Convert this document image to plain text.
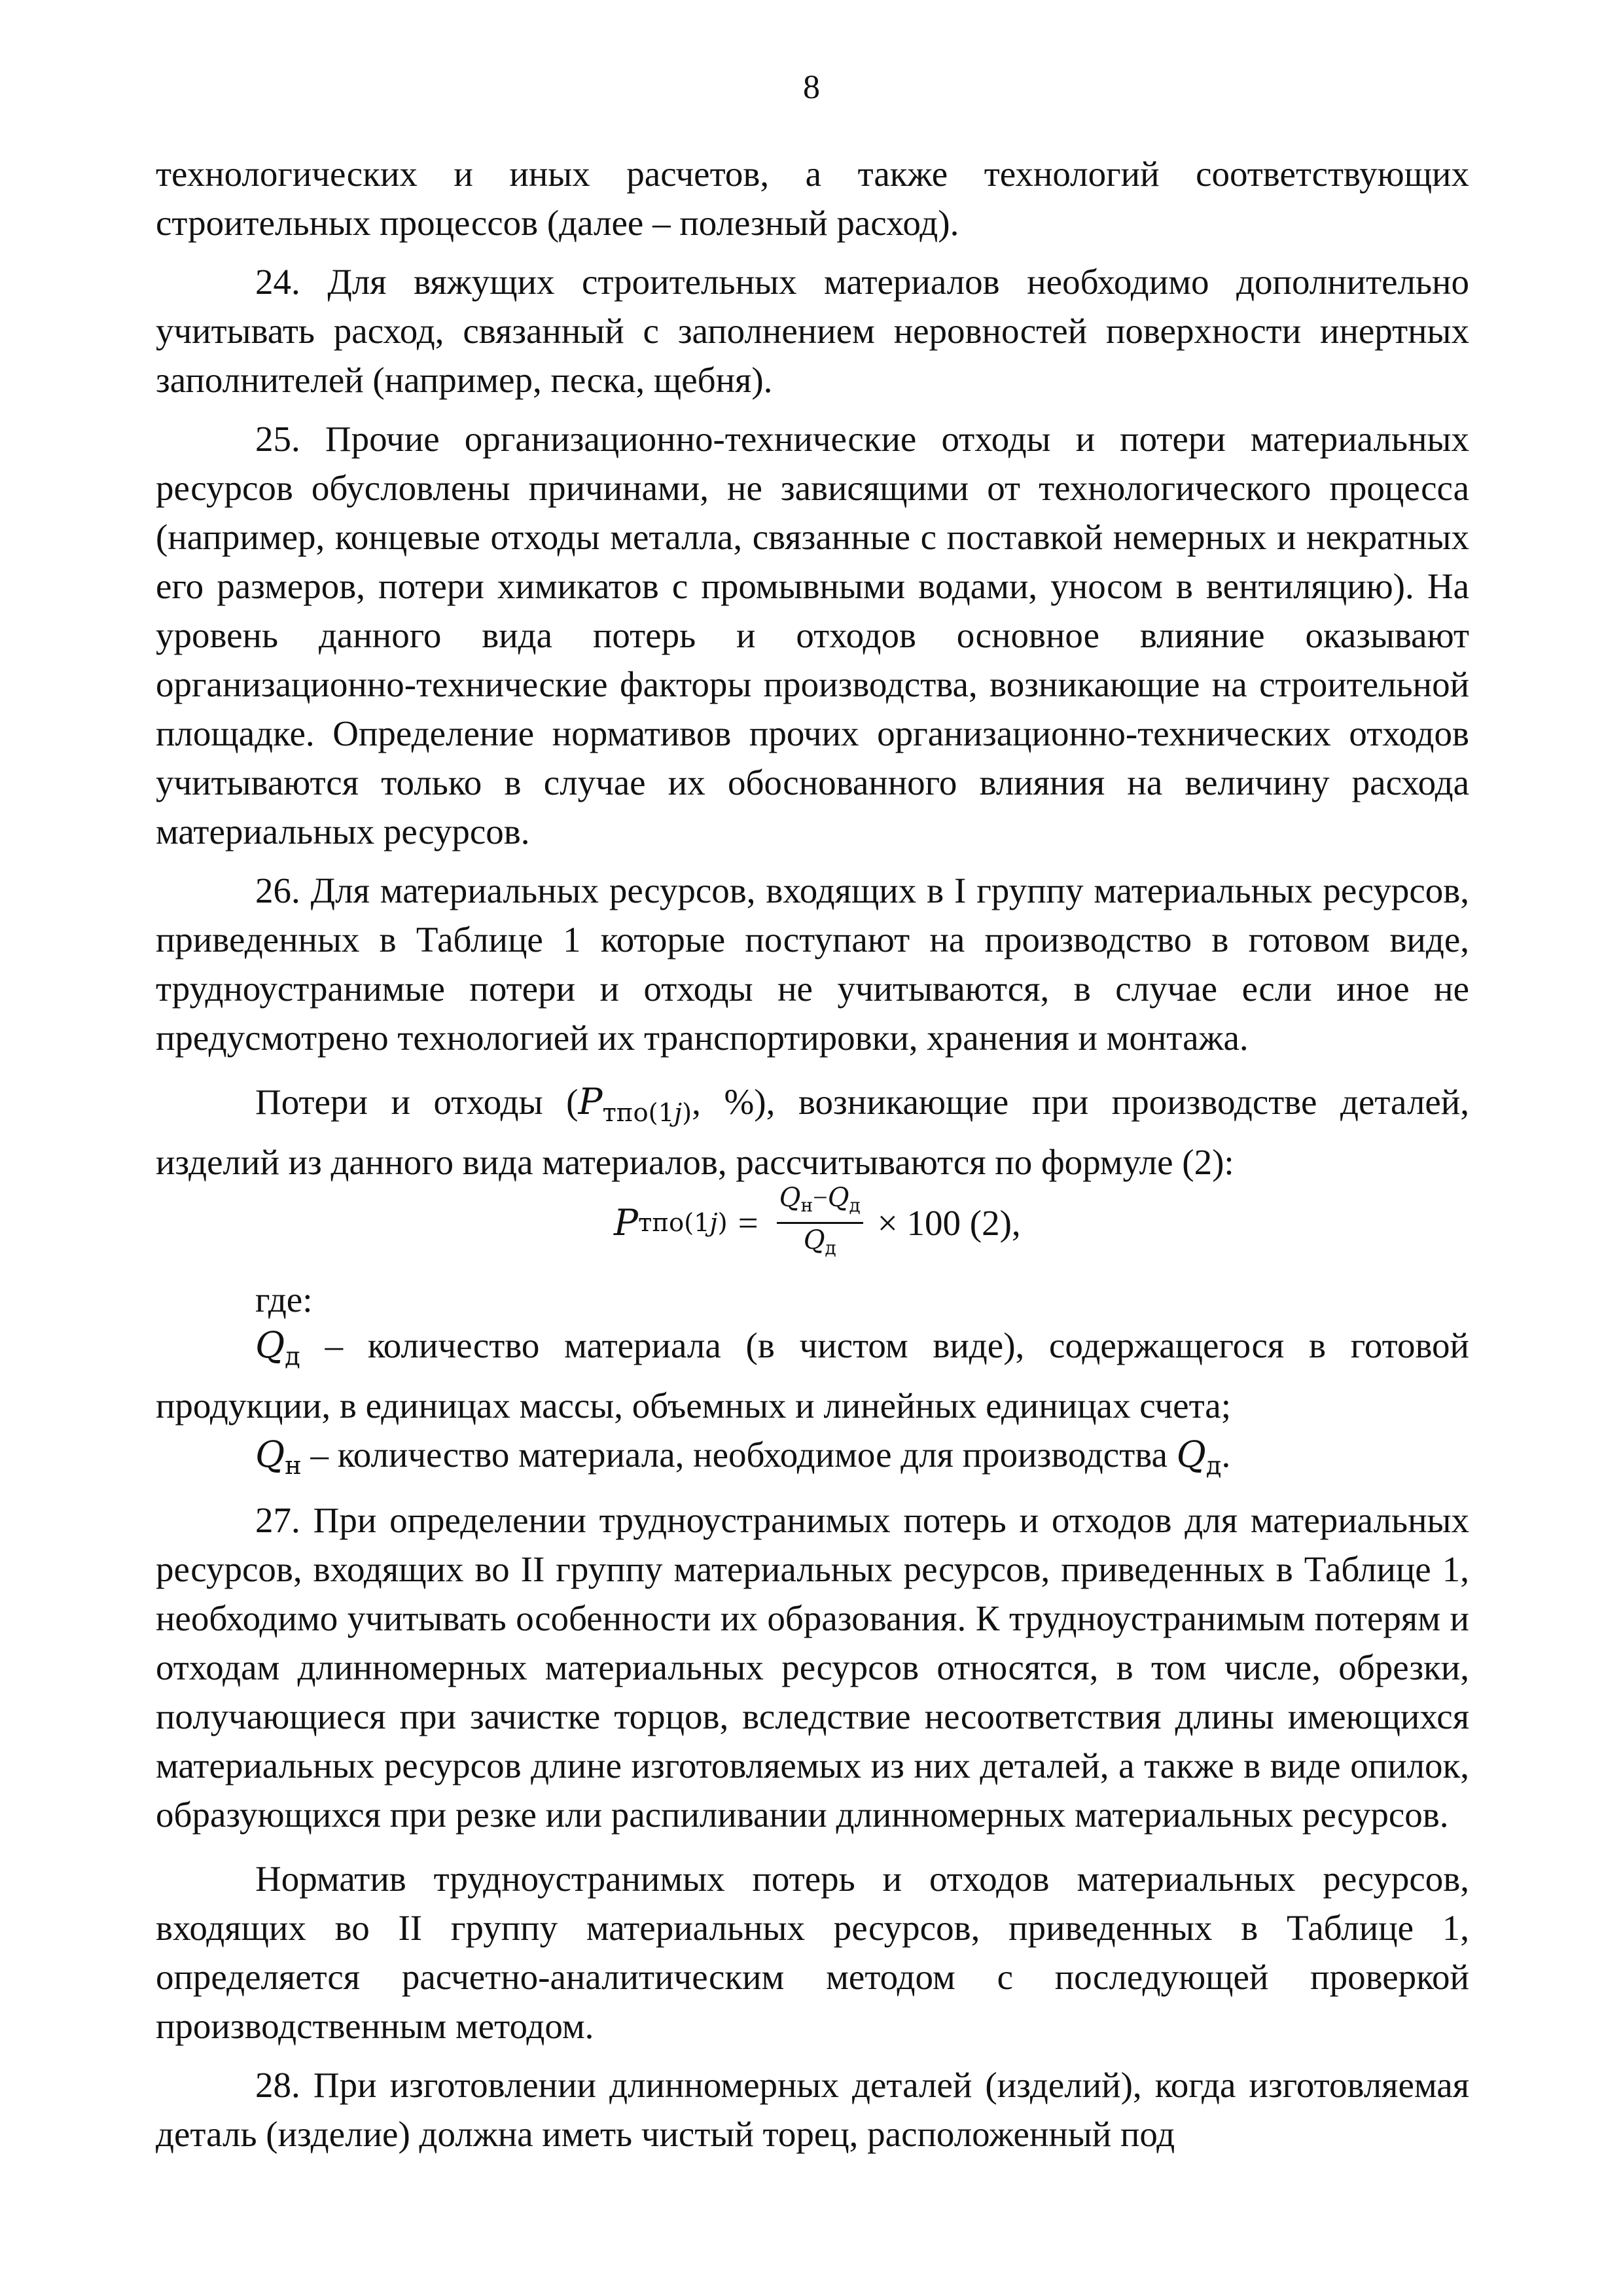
8

технологических и иных расчетов, а также технологий соответствующих строительных процессов (далее – полезный расход).

24. Для вяжущих строительных материалов необходимо дополнительно учитывать расход, связанный с заполнением неровностей поверхности инертных заполнителей (например, песка, щебня).

25. Прочие организационно-технические отходы и потери материальных ресурсов обусловлены причинами, не зависящими от технологического процесса (например, концевые отходы металла, связанные с поставкой немерных и некратных его размеров, потери химикатов с промывными водами, уносом в вентиляцию). На уровень данного вида потерь и отходов основное влияние оказывают организационно-технические факторы производства, возникающие на строительной площадке. Определение нормативов прочих организационно-технических отходов учитываются только в случае их обоснованного влияния на величину расхода материальных ресурсов.

26. Для материальных ресурсов, входящих в I группу материальных ресурсов, приведенных в Таблице 1 которые поступают на производство в готовом виде, трудноустранимые потери и отходы не учитываются, в случае если иное не предусмотрено технологией их транспортировки, хранения и монтажа.

Потери и отходы ($P_{тпо(1j)}$, %), возникающие при производстве деталей, изделий из данного вида материалов, рассчитываются по формуле (2):

P $тпо(1j) = \frac{Q_н-Q_д}{Q_д} \times 100$ (2),
где:

$Q_д$ – количество материала (в чистом виде), содержащегося в готовой продукции, в единицах массы, объемных и линейных единицах счета;

$Q_н$ – количество материала, необходимое для производства $Q_д$.

27. При определении трудноустранимых потерь и отходов для материальных ресурсов, входящих во II группу материальных ресурсов, приведенных в Таблице 1, необходимо учитывать особенности их образования. К трудноустранимым потерям и отходам длинномерных материальных ресурсов относятся, в том числе, обрезки, получающиеся при зачистке торцов, вследствие несоответствия длины имеющихся материальных ресурсов длине изготовляемых из них деталей, а также в виде опилок, образующихся при резке или распиливании длинномерных материальных ресурсов.

Норматив трудноустранимых потерь и отходов материальных ресурсов, входящих во II группу материальных ресурсов, приведенных в Таблице 1, определяется расчетно-аналитическим методом с последующей проверкой производственным методом.

28. При изготовлении длинномерных деталей (изделий), когда изготовляемая деталь (изделие) должна иметь чистый торец, расположенный под
